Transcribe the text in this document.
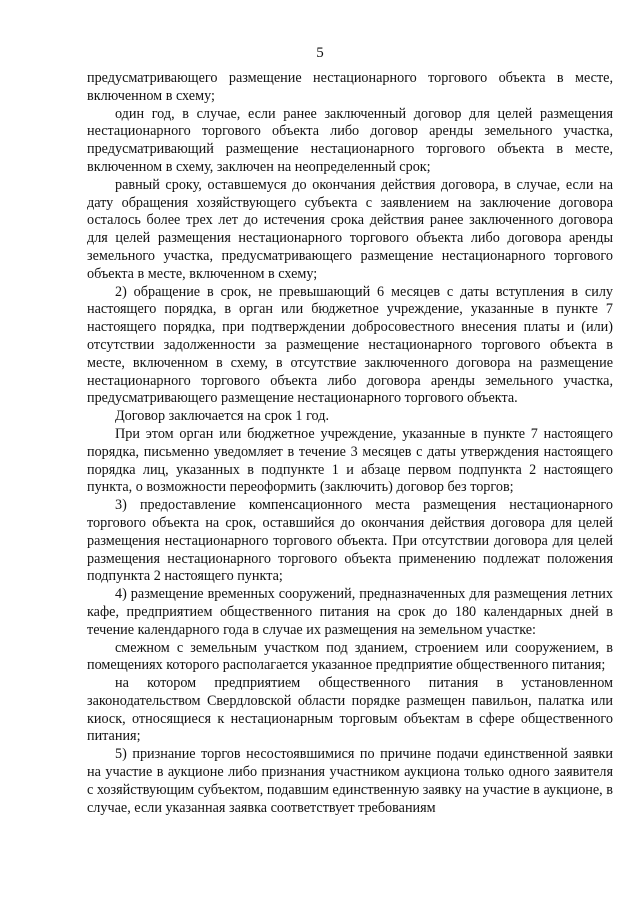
5

предусматривающего размещение нестационарного торгового объекта в месте, включенном в схему;

один год, в случае, если ранее заключенный договор для целей размещения нестационарного торгового объекта либо договор аренды земельного участка, предусматривающий размещение нестационарного торгового объекта в месте, включенном в схему, заключен на неопределенный срок;

равный сроку, оставшемуся до окончания действия договора, в случае, если на дату обращения хозяйствующего субъекта с заявлением на заключение договора осталось более трех лет до истечения срока действия ранее заключенного договора для целей размещения нестационарного торгового объекта либо договора аренды земельного участка, предусматривающего размещение нестационарного торгового объекта в месте, включенном в схему;

2) обращение в срок, не превышающий 6 месяцев с даты вступления в силу настоящего порядка, в орган или бюджетное учреждение, указанные в пункте 7 настоящего порядка, при подтверждении добросовестного внесения платы и (или) отсутствии задолженности за размещение нестационарного торгового объекта в месте, включенном в схему, в отсутствие заключенного договора на размещение нестационарного торгового объекта либо договора аренды земельного участка, предусматривающего размещение нестационарного торгового объекта.

Договор заключается на срок 1 год.

При этом орган или бюджетное учреждение, указанные в пункте 7 настоящего порядка, письменно уведомляет в течение 3 месяцев с даты утверждения настоящего порядка лиц, указанных в подпункте 1 и абзаце первом подпункта 2 настоящего пункта, о возможности переоформить (заключить) договор без торгов;

3) предоставление компенсационного места размещения нестационарного торгового объекта на срок, оставшийся до окончания действия договора для целей размещения нестационарного торгового объекта. При отсутствии договора для целей размещения нестационарного торгового объекта применению подлежат положения подпункта 2 настоящего пункта;

4) размещение временных сооружений, предназначенных для размещения летних кафе, предприятием общественного питания на срок до 180 календарных дней в течение календарного года в случае их размещения на земельном участке:

смежном с земельным участком под зданием, строением или сооружением, в помещениях которого располагается указанное предприятие общественного питания;

на котором предприятием общественного питания в установленном законодательством Свердловской области порядке размещен павильон, палатка или киоск, относящиеся к нестационарным торговым объектам в сфере общественного питания;

5) признание торгов несостоявшимися по причине подачи единственной заявки на участие в аукционе либо признания участником аукциона только одного заявителя с хозяйствующим субъектом, подавшим единственную заявку на участие в аукционе, в случае, если указанная заявка соответствует требованиям
